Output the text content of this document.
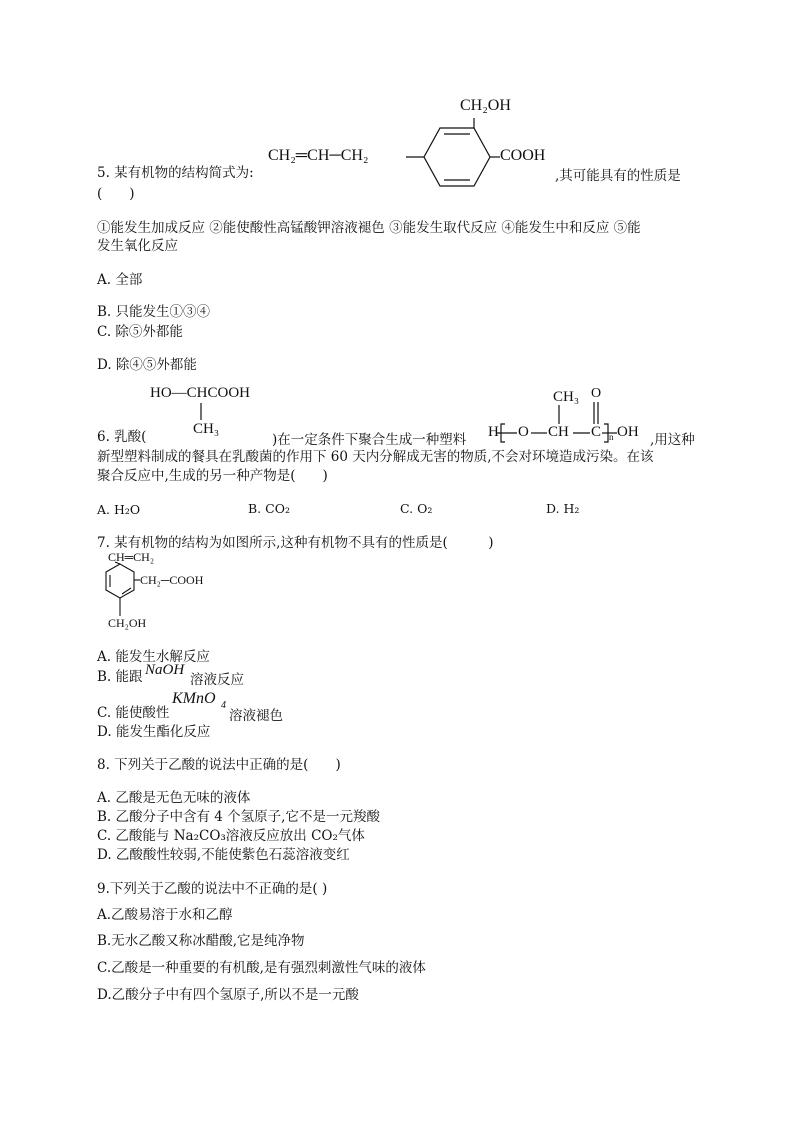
CH₂OH
CH₂═CH─CH₂	COOH
5. 某有机物的结构简式为:	,其可能具有的性质是
(　　)
①能发生加成反应 ②能使酸性高锰酸钾溶液褪色 ③能发生取代反应 ④能发生中和反应 ⑤能
发生氧化反应
A. 全部
B. 只能发生①③④
C. 除⑤外都能
D. 除④⑤外都能
HO—CHCOOH
CH₃
6. 乳酸(	)在一定条件下聚合生成一种塑料 H O CH C n OH
CH₃ O
,用这种
新型塑料制成的餐具在乳酸菌的作用下 60 天内分解成无害的物质,不会对环境造成污染。在该
聚合反应中,生成的另一种产物是(　　)
A. H₂O	B. CO₂	C. O₂	D. H₂
7. 某有机物的结构为如图所示,这种有机物不具有的性质是(　　　)
CH═CH₂
CH₂─COOH
CH₂OH
A. 能发生水解反应
B. 能跟 NaOH
溶液反应
C. 能使酸性
KMnO 4
溶液褪色
D. 能发生酯化反应
8. 下列关于乙酸的说法中正确的是(　　)
A. 乙酸是无色无味的液体
B. 乙酸分子中含有 4 个氢原子,它不是一元羧酸
C. 乙酸能与 Na₂CO₃溶液反应放出 CO₂气体
D. 乙酸酸性较弱,不能使紫色石蕊溶液变红
9.下列关于乙酸的说法中不正确的是( )
A.乙酸易溶于水和乙醇
B.无水乙酸又称冰醋酸,它是纯净物
C.乙酸是一种重要的有机酸,是有强烈刺激性气味的液体
D.乙酸分子中有四个氢原子,所以不是一元酸
